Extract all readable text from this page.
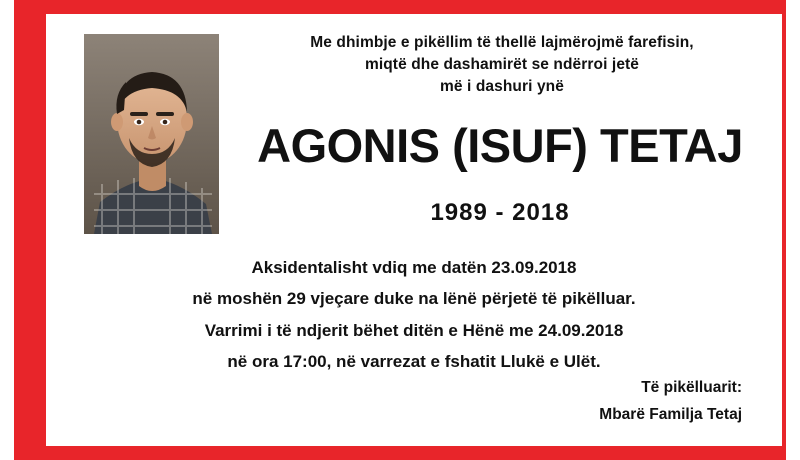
Me dhimbje e pikëllim të thellë lajmërojmë farefisin,
miqtë dhe dashamirët se ndërroi jetë
më i dashuri ynë
AGONIS (ISUF) TETAJ
1989 - 2018
Aksidentalisht vdiq me datën 23.09.2018
në moshën 29 vjeçare duke na lënë përjetë të pikëlluar.
Varrimi i të ndjerit bëhet ditën e Hënë me 24.09.2018
në ora 17:00, në varrezat e fshatit Llukë e Ulët.
Të pikëlluarit:
Mbarë Familja Tetaj
